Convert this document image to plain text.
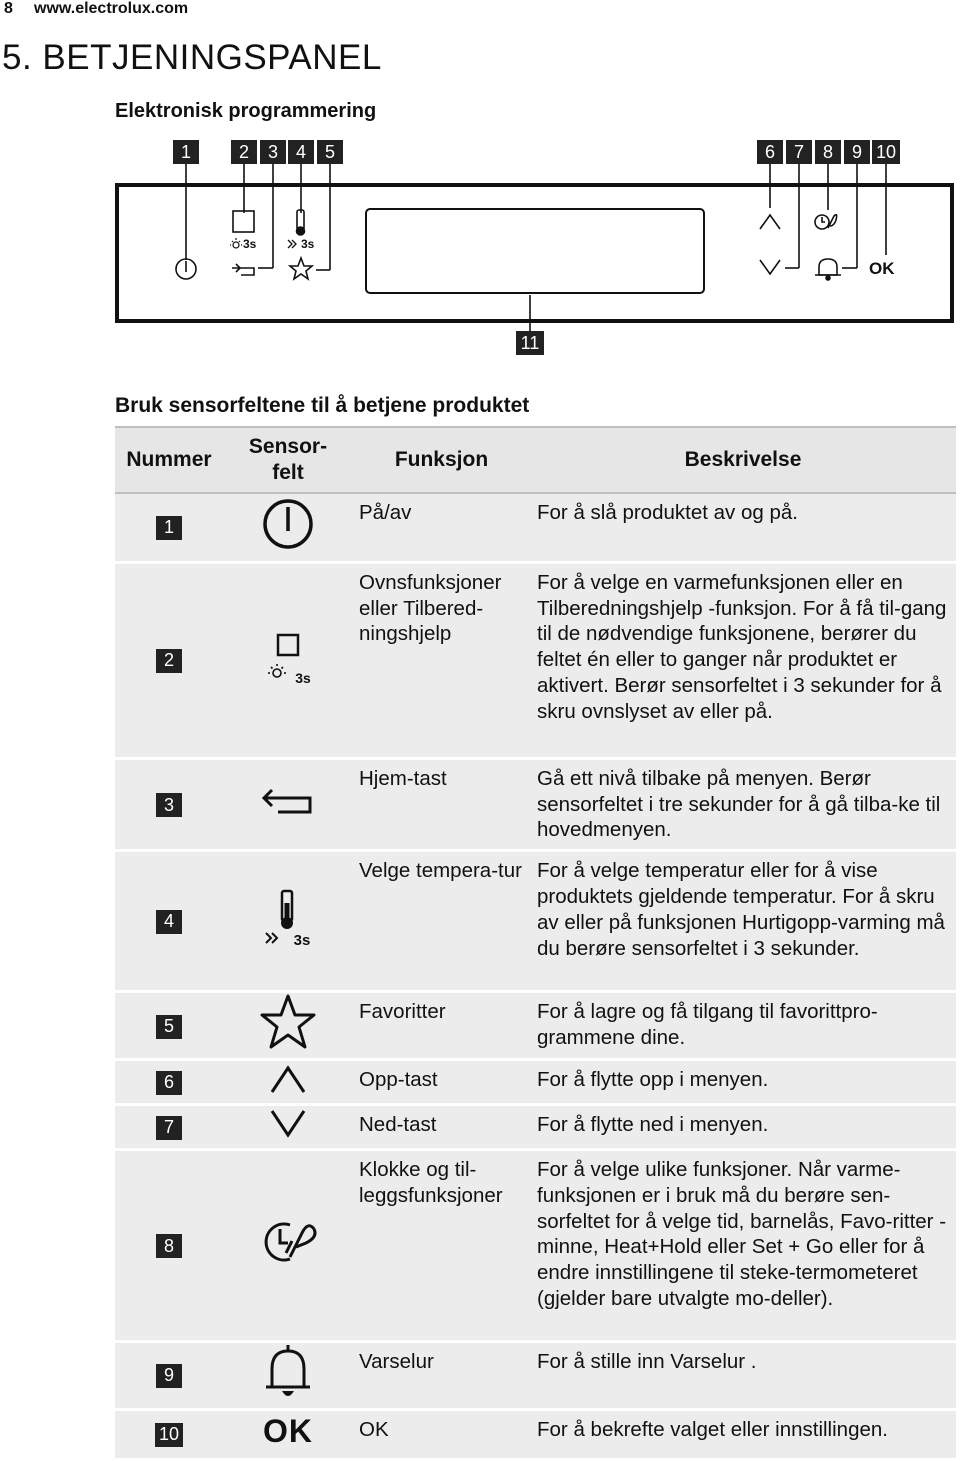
8 www.electrolux.com
5. BETJENINGSPANEL
Elektronisk programmering
1	2	3 4	5	6	7	8	9 10
11
3s	3s
OK
Bruk sensorfeltene til å betjene produktet
Nummer	Sensor-felt	Funksjon	Beskrivelse
1		På/av	For å slå produktet av og på.
2	3s	Ovnsfunksjoner eller Tilbered-ningshjelp	For å velge en varmefunksjonen eller en Tilberedningshjelp -funksjon. For å få til-gang til de nødvendige funksjonene, berører du feltet én eller to ganger når produktet er aktivert. Berør sensorfeltet i 3 sekunder for å skru ovnslyset av eller på.
3		Hjem-tast	Gå ett nivå tilbake på menyen. Berør sensorfeltet i tre sekunder for å gå tilba-ke til hovedmenyen.
4	3s	Velge tempera-tur	For å velge temperatur eller for å vise produktets gjeldende temperatur. For å skru av eller på funksjonen Hurtigopp-varming må du berøre sensorfeltet i 3 sekunder.
5		Favoritter	For å lagre og få tilgang til favorittpro-grammene dine.
6		Opp-tast	For å flytte opp i menyen.
7		Ned-tast	For å flytte ned i menyen.
8		Klokke og til-leggsfunksjoner	For å velge ulike funksjoner. Når varme-funksjonen er i bruk må du berøre sen-sorfeltet for å velge tid, barnelås, Favo-ritter -minne, Heat+Hold eller Set + Go eller for å endre innstillingene til steke-termometeret (gjelder bare utvalgte mo-deller).
9		Varselur	For å stille inn Varselur .
10	OK	OK	For å bekrefte valget eller innstillingen.
